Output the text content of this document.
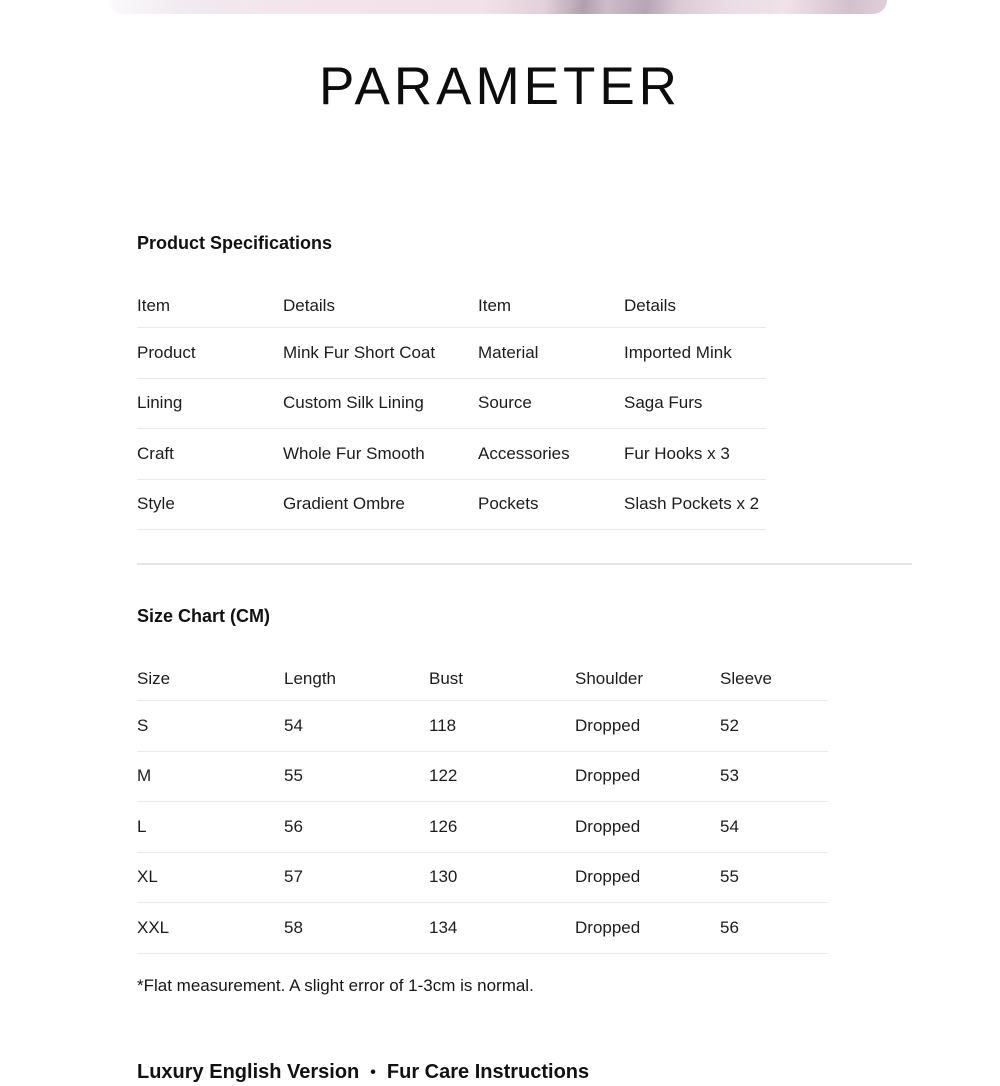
PARAMETER
Product Specifications
Item	Details	Item	Details
Product	Mink Fur Short Coat	Material	Imported Mink
Lining	Custom Silk Lining	Source	Saga Furs
Craft	Whole Fur Smooth	Accessories	Fur Hooks x 3
Style	Gradient Ombre	Pockets	Slash Pockets x 2
Size Chart (CM)
Size	Length	Bust	Shoulder	Sleeve
S	54	118	Dropped	52
M	55	122	Dropped	53
L	56	126	Dropped	54
XL	57	130	Dropped	55
XXL	58	134	Dropped	56
*Flat measurement. A slight error of 1-3cm is normal.
Luxury English Version • Fur Care Instructions
